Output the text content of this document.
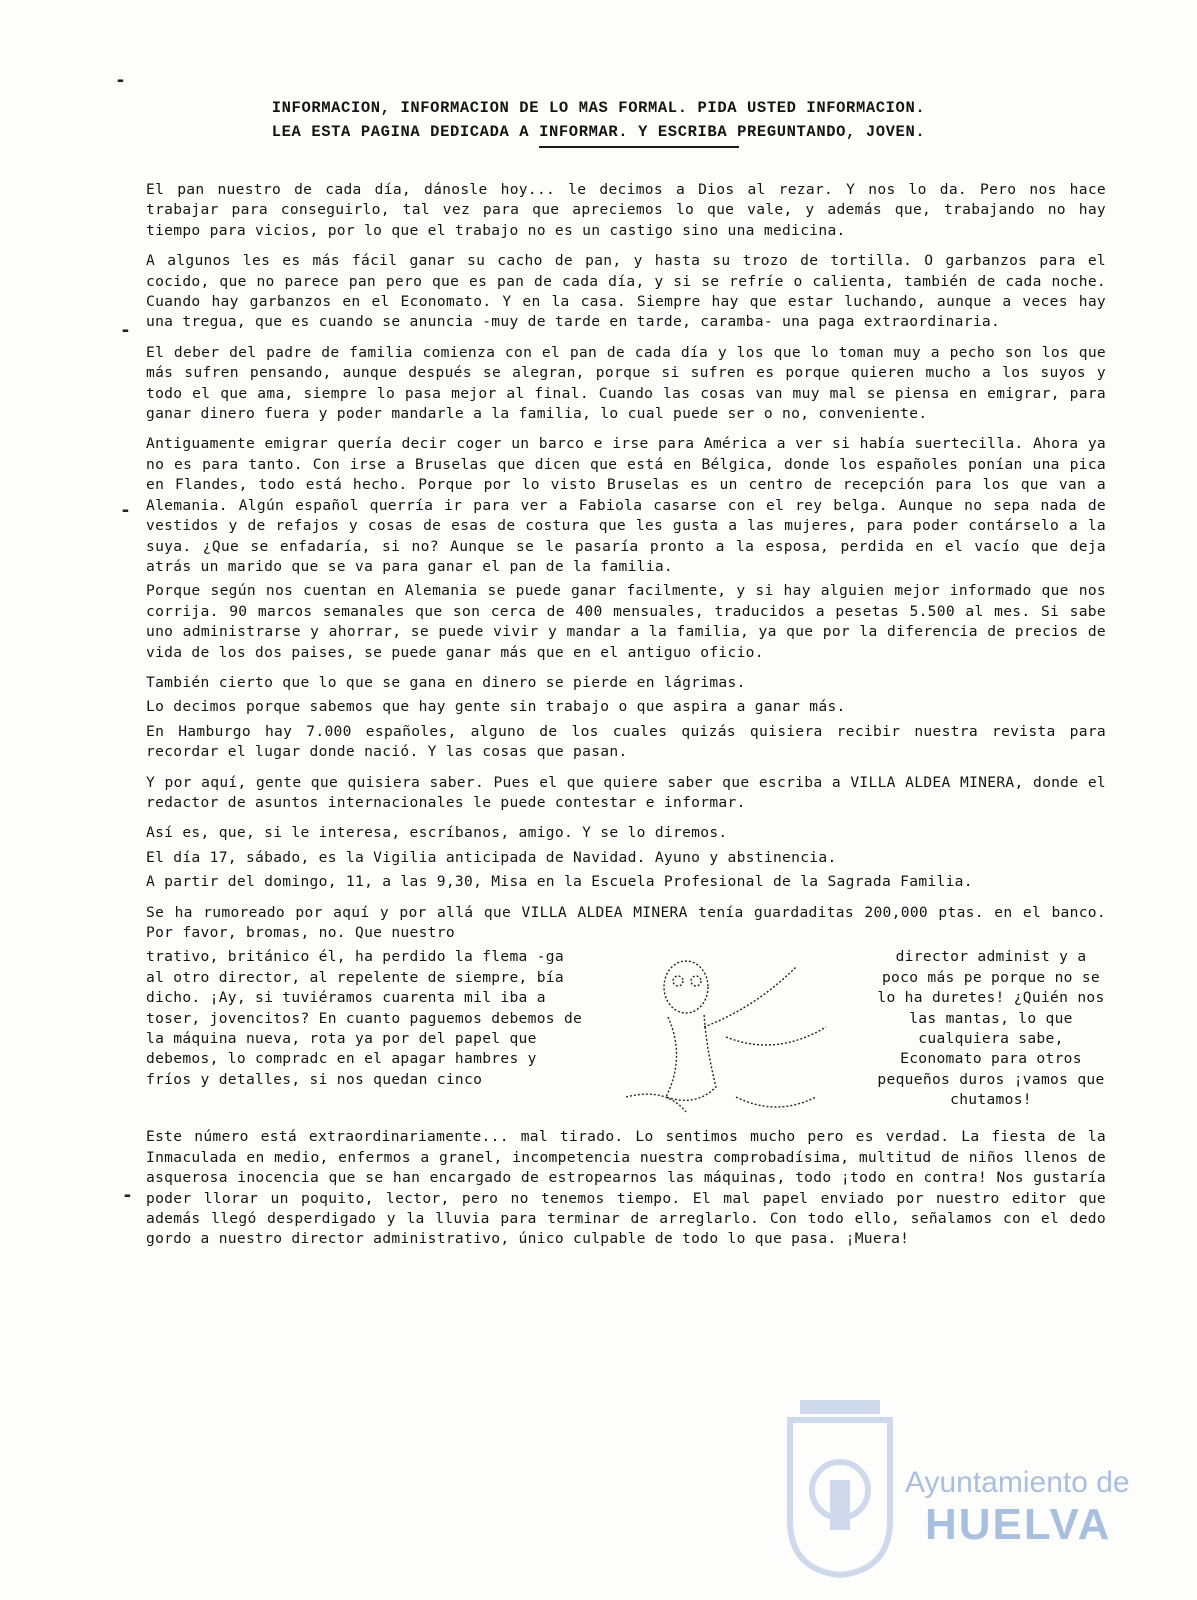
INFORMACION, INFORMACION DE LO MAS FORMAL. PIDA USTED INFORMACION.
LEA ESTA PAGINA DEDICADA A INFORMAR. Y ESCRIBA PREGUNTANDO, JOVEN.

El pan nuestro de cada día, dánosle hoy... le decimos a Dios al rezar. Y nos lo da. Pero nos hace trabajar para conseguirlo, tal vez para que apreciemos lo que vale, y además que, trabajando no hay tiempo para vicios, por lo que el trabajo no es un castigo sino una medicina.

A algunos les es más fácil ganar su cacho de pan, y hasta su trozo de tortilla. O garbanzos para el cocido, que no parece pan pero que es pan de cada día, y si se refríe o calienta, también de cada noche. Cuando hay garbanzos en el Economato. Y en la casa. Siempre hay que estar luchando, aunque a veces hay una tregua, que es cuando se anuncia -muy de tarde en tarde, caramba- una paga extraordinaria.

El deber del padre de familia comienza con el pan de cada día y los que lo toman muy a pecho son los que más sufren pensando, aunque después se alegran, porque si sufren es porque quieren mucho a los suyos y todo el que ama, siempre lo pasa mejor al final. Cuando las cosas van muy mal se piensa en emigrar, para ganar dinero fuera y poder mandarle a la familia, lo cual puede ser o no, conveniente.

Antiguamente emigrar quería decir coger un barco e irse para América a ver si había suertecilla. Ahora ya no es para tanto. Con irse a Bruselas que dicen que está en Bélgica, donde los españoles ponían una pica en Flandes, todo está hecho. Porque por lo visto Bruselas es un centro de recepción para los que van a Alemania. Algún español querría ir para ver a Fabiola casarse con el rey belga. Aunque no sepa nada de vestidos y de refajos y cosas de esas de costura que les gusta a las mujeres, para poder contárselo a la suya. ¿Que se enfadaría, si no? Aunque se le pasaría pronto a la esposa, perdida en el vacío que deja atrás un marido que se va para ganar el pan de la familia.

Porque según nos cuentan en Alemania se puede ganar facilmente, y si hay alguien mejor informado que nos corrija. 90 marcos semanales que son cerca de 400 mensuales, traducidos a pesetas 5.500 al mes. Si sabe uno administrarse y ahorrar, se puede vivir y mandar a la familia, ya que por la diferencia de precios de vida de los dos paises, se puede ganar más que en el antiguo oficio.

También cierto que lo que se gana en dinero se pierde en lágrimas.

Lo decimos porque sabemos que hay gente sin trabajo o que aspira a ganar más.

En Hamburgo hay 7.000 españoles, alguno de los cuales quizás quisiera recibir nuestra revista para recordar el lugar donde nació. Y las cosas que pasan.

Y por aquí, gente que quisiera saber. Pues el que quiere saber que escriba a VILLA ALDEA MINERA, donde el redactor de asuntos internacionales le puede contestar e informar.

Así es, que, si le interesa, escríbanos, amigo. Y se lo diremos.

El día 17, sábado, es la Vigilia anticipada de Navidad. Ayuno y abstinencia.

A partir del domingo, 11, a las 9,30, Misa en la Escuela Profesional de la Sagrada Familia.

Se ha rumoreado por aquí y por allá que VILLA ALDEA MINERA tenía guardaditas 200,000 ptas. en el banco. Por favor, bromas, no. Que nuestro

trativo, británico él, ha perdido la flema -ga al otro director, al repelente de siempre, bía dicho. ¡Ay, si tuviéramos cuarenta mil iba a toser, jovencitos? En cuanto paguemos debemos de la máquina nueva, rota ya por del papel que debemos, lo compradc en el apagar hambres y fríos y detalles, si nos quedan cinco
director administ y a poco más pe porque no se lo ha duretes! ¿Quién nos las mantas, lo que cualquiera sabe, Economato para otros pequeños duros ¡vamos que chutamos!

Este número está extraordinariamente... mal tirado. Lo sentimos mucho pero es verdad. La fiesta de la Inmaculada en medio, enfermos a granel, incompetencia nuestra comprobadísima, multitud de niños llenos de asquerosa inocencia que se han encargado de estropearnos las máquinas, todo ¡todo en contra! Nos gustaría poder llorar un poquito, lector, pero no tenemos tiempo. El mal papel enviado por nuestro editor que además llegó desperdigado y la lluvia para terminar de arreglarlo. Con todo ello, señalamos con el dedo gordo a nuestro director administrativo, único culpable de todo lo que pasa. ¡Muera!

-
-
-
-
Ayuntamiento de
HUELVA
